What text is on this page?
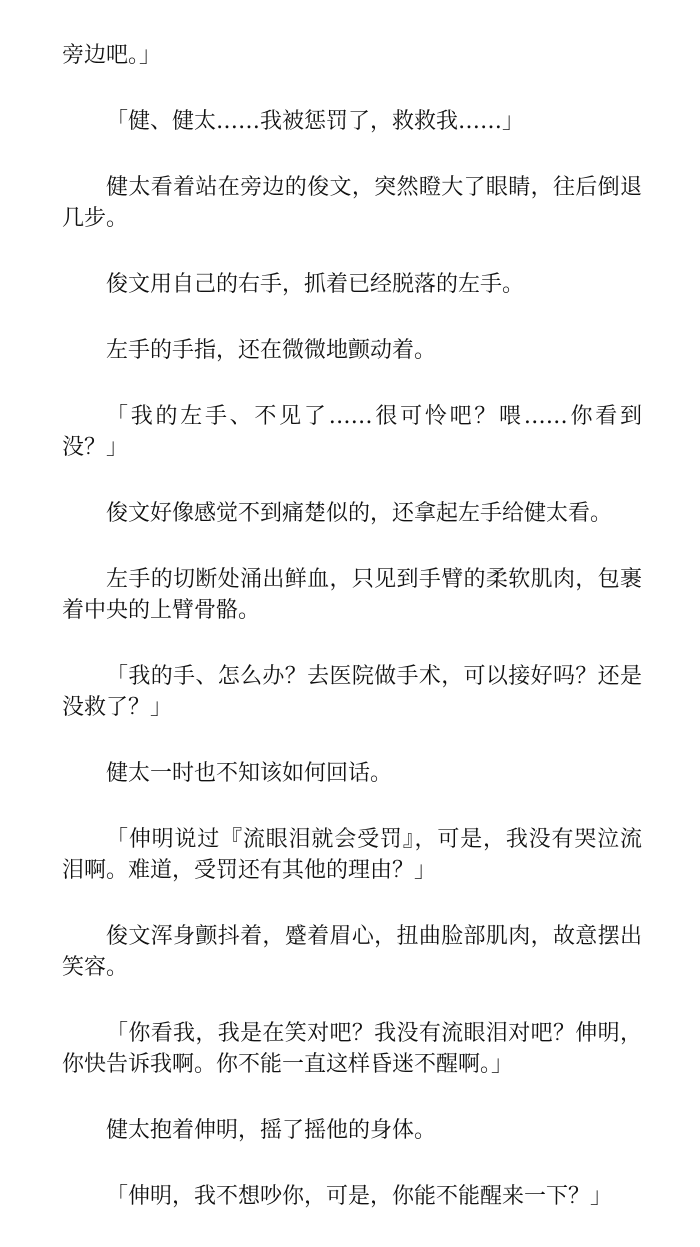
旁边吧。」

「健、健太……我被惩罚了，救救我……」

健太看着站在旁边的俊文，突然瞪大了眼睛，往后倒退几步。

俊文用自己的右手，抓着已经脱落的左手。

左手的手指，还在微微地颤动着。

「我的左手、不见了……很可怜吧？喂……你看到没？」

俊文好像感觉不到痛楚似的，还拿起左手给健太看。

左手的切断处涌出鲜血，只见到手臂的柔软肌肉，包裹着中央的上臂骨骼。

「我的手、怎么办？去医院做手术，可以接好吗？还是没救了？」

健太一时也不知该如何回话。

「伸明说过『流眼泪就会受罚』，可是，我没有哭泣流泪啊。难道，受罚还有其他的理由？」

俊文浑身颤抖着，蹙着眉心，扭曲脸部肌肉，故意摆出笑容。

「你看我，我是在笑对吧？我没有流眼泪对吧？伸明，你快告诉我啊。你不能一直这样昏迷不醒啊。」

健太抱着伸明，摇了摇他的身体。

「伸明，我不想吵你，可是，你能不能醒来一下？」
